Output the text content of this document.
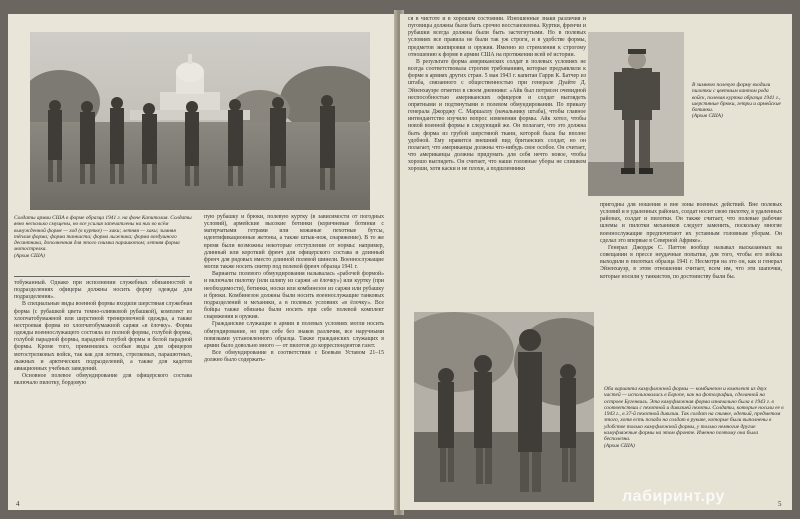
Солдаты армии США в форме образца 1941 г. на фоне Капитолия. Солдаты явно несколько смущены, но все усилия запечатлены на них во всём вынужденной форме — ход (в куртке) — хаки; летняя — хаки; зимняя тёплая форма; форма танкиста; форма лыжника; форма воздушного десантника, дополненная для этого снимка парашютом; летняя форма мотострелка.
(Архив США)

тобужанный. Однако при исполнении служебных обязанностей в подразделениях офицеры должны носить форму одежды для подразделения».

В специальные виды военной формы входили шерстяная служебная форма (с рубашкой цвета темно-оливковой рубашкой), комплект из хлопчатобумажной или шерстяной тренировочной одежды, а также нестроевая форма из хлопчатобумажной саржи «в ёлочку». Форма одежды военнослужащего состояла из полной формы, голубой формы, голубой парадной формы, парадной голубой формы и белой парадной формы. Кроме того, применялись особые виды для офицеров мотострелковых войск, так как для летних, стрелковых, парашютных, лыжных и арктических подразделений, а также для кадетов авиационных учебных заведений.

Основное полевое обмундирование для офицерского состава включало пилотку, бордовую

пую рубашку и брюки, полевую куртку (в зависимости от погодных условий), армейские высокие ботинки (коричневые ботинки с матерчатыми гетрами или кожаные пехотные бутсы, идентификационные жетоны, а также штык-нож, снаряжение). В то же время были возможны некоторые отступления от нормы: например, длинный или короткий френч для офицерского состава и длинный френч для рядовых вместо длинной полевой шинели. Военнослужащие могли также носить свитер под полевой френч образца 1941 г.

Варианты полевого обмундирования называлась «рабочей формой» и включали пилотку (или шляпу из саржи «в ёлочку») или куртку (при необходимости), ботинки, носки или комбинезон из саржи или рубашку и брюки. Комбинезон должны были носить военнослужащие танковых подразделений и механики, а в полевых условиях «в ёлочку». Все бойцы также обязаны были носить при себе полевой комплект снаряжения и оружия.

Гражданские служащие в армии в полевых условиях могли носить обмундирование, но при себе без знаков различия, все наручными повязками установленного образца. Также гражданских служащих в армии было довольно много — от пилотов до корреспондентов газет.

Все обмундирование в соответствии с Боевым Уставом 21–15 должно было содержать-

4

ся в чистоте и в хорошем состоянии. Изношенные знаки различия и пуговицы должны были быть срочно восстановлены. Куртки, френчи и рубашки всегда должны были быть застегнутыми. Но в полевых условиях все правила не были так уж строги, и в удобстве формы, предметов экипировки и оружия. Именно из стремления к строгому отношению к форме в армии США на протяжении всей её истории.

В результате форма американских солдат в полевых условиях не всегда соответствовала строгим требованиям, которые предъявляли к форме в армиях других стран. 5 мая 1943 г. капитан Гарри К. Батчер из штаба, связанного с общественностью при генерале Дуайте Д. Эйзенхауэре отметил в своем дневнике: «Айк был потрясен очевидной неспособностью американских офицеров и солдат выглядеть опрятными и подтянутыми в полевом обмундировании. По приказу генерала Джорджу С. Маршаллу (начальнику штаба), чтобы главное интендантство изучило вопрос изменения формы. Айк хотел, чтобы новой военной формы в следующий же. Он полагает, что это должна быть форма из грубой шерстяной ткани, которой была бы вполне удобной. Ему нравится внешний вид британских солдат, но он полагает, что американцы должны что-нибудь свое особое. Он считает, что американцы должны придумать для себя нечто новое, чтобы хорошо выглядеть. Он считает, что наши головные уборы не слишком хороши, хотя каски и не плохи, а подшлемники

В зимнюю полевую форму входили пилотки с цветным кантом рода войск, полевая куртка образца 1941 г., шерстяные брюки, гетры и армейские ботинки.
(Архив США)

пригодны для ношения и вне зоны военных действий. Вне полевых условий и в удаленных районах, солдат носит свою пилотку, в удаленных районах, солдат и пилотки. Он также считает, что полевые рабочие шлемы и пилотки механиков следует заменить, поскольку многие военнослужащие предпочитают их уставным головным уборам. Он сделал это впервые в Северной Африке».

Генерал Джордж С. Паттон вообще называл высказанных на совещании в прессе неудачные попытки, для того, чтобы его войска выходили в пилотках образца 1941 г. Несмотря на это он, как и генерал Эйзенхауэр, в этом отношении считает, всем им, что эти шапочки, которые носили у танкистов, по достоинству были бы.

Оба варианта камуфляжной формы — комбинезон и комплект из двух частей — использовались в Европе, как на фотографии, сделанной на острове Бугенвиль. Эта камуфляжная форма изначально была в 1943 г. в соответствии с пехотной и дивизией пехоты. Солдаты, которые носили ее в 1943 г., в 37-й пехотной дивизии. Так солдат на снимке, одетый, предметом этого, хотя есть позади на солдат в рукаве, которые были выполнены в удобстве только камуфляжной формы, у только немногие другие камуфляжные формы на этом фронте. Именно поэтому она была бесполезна.
(Архив США)
5
лабиринт.ру
